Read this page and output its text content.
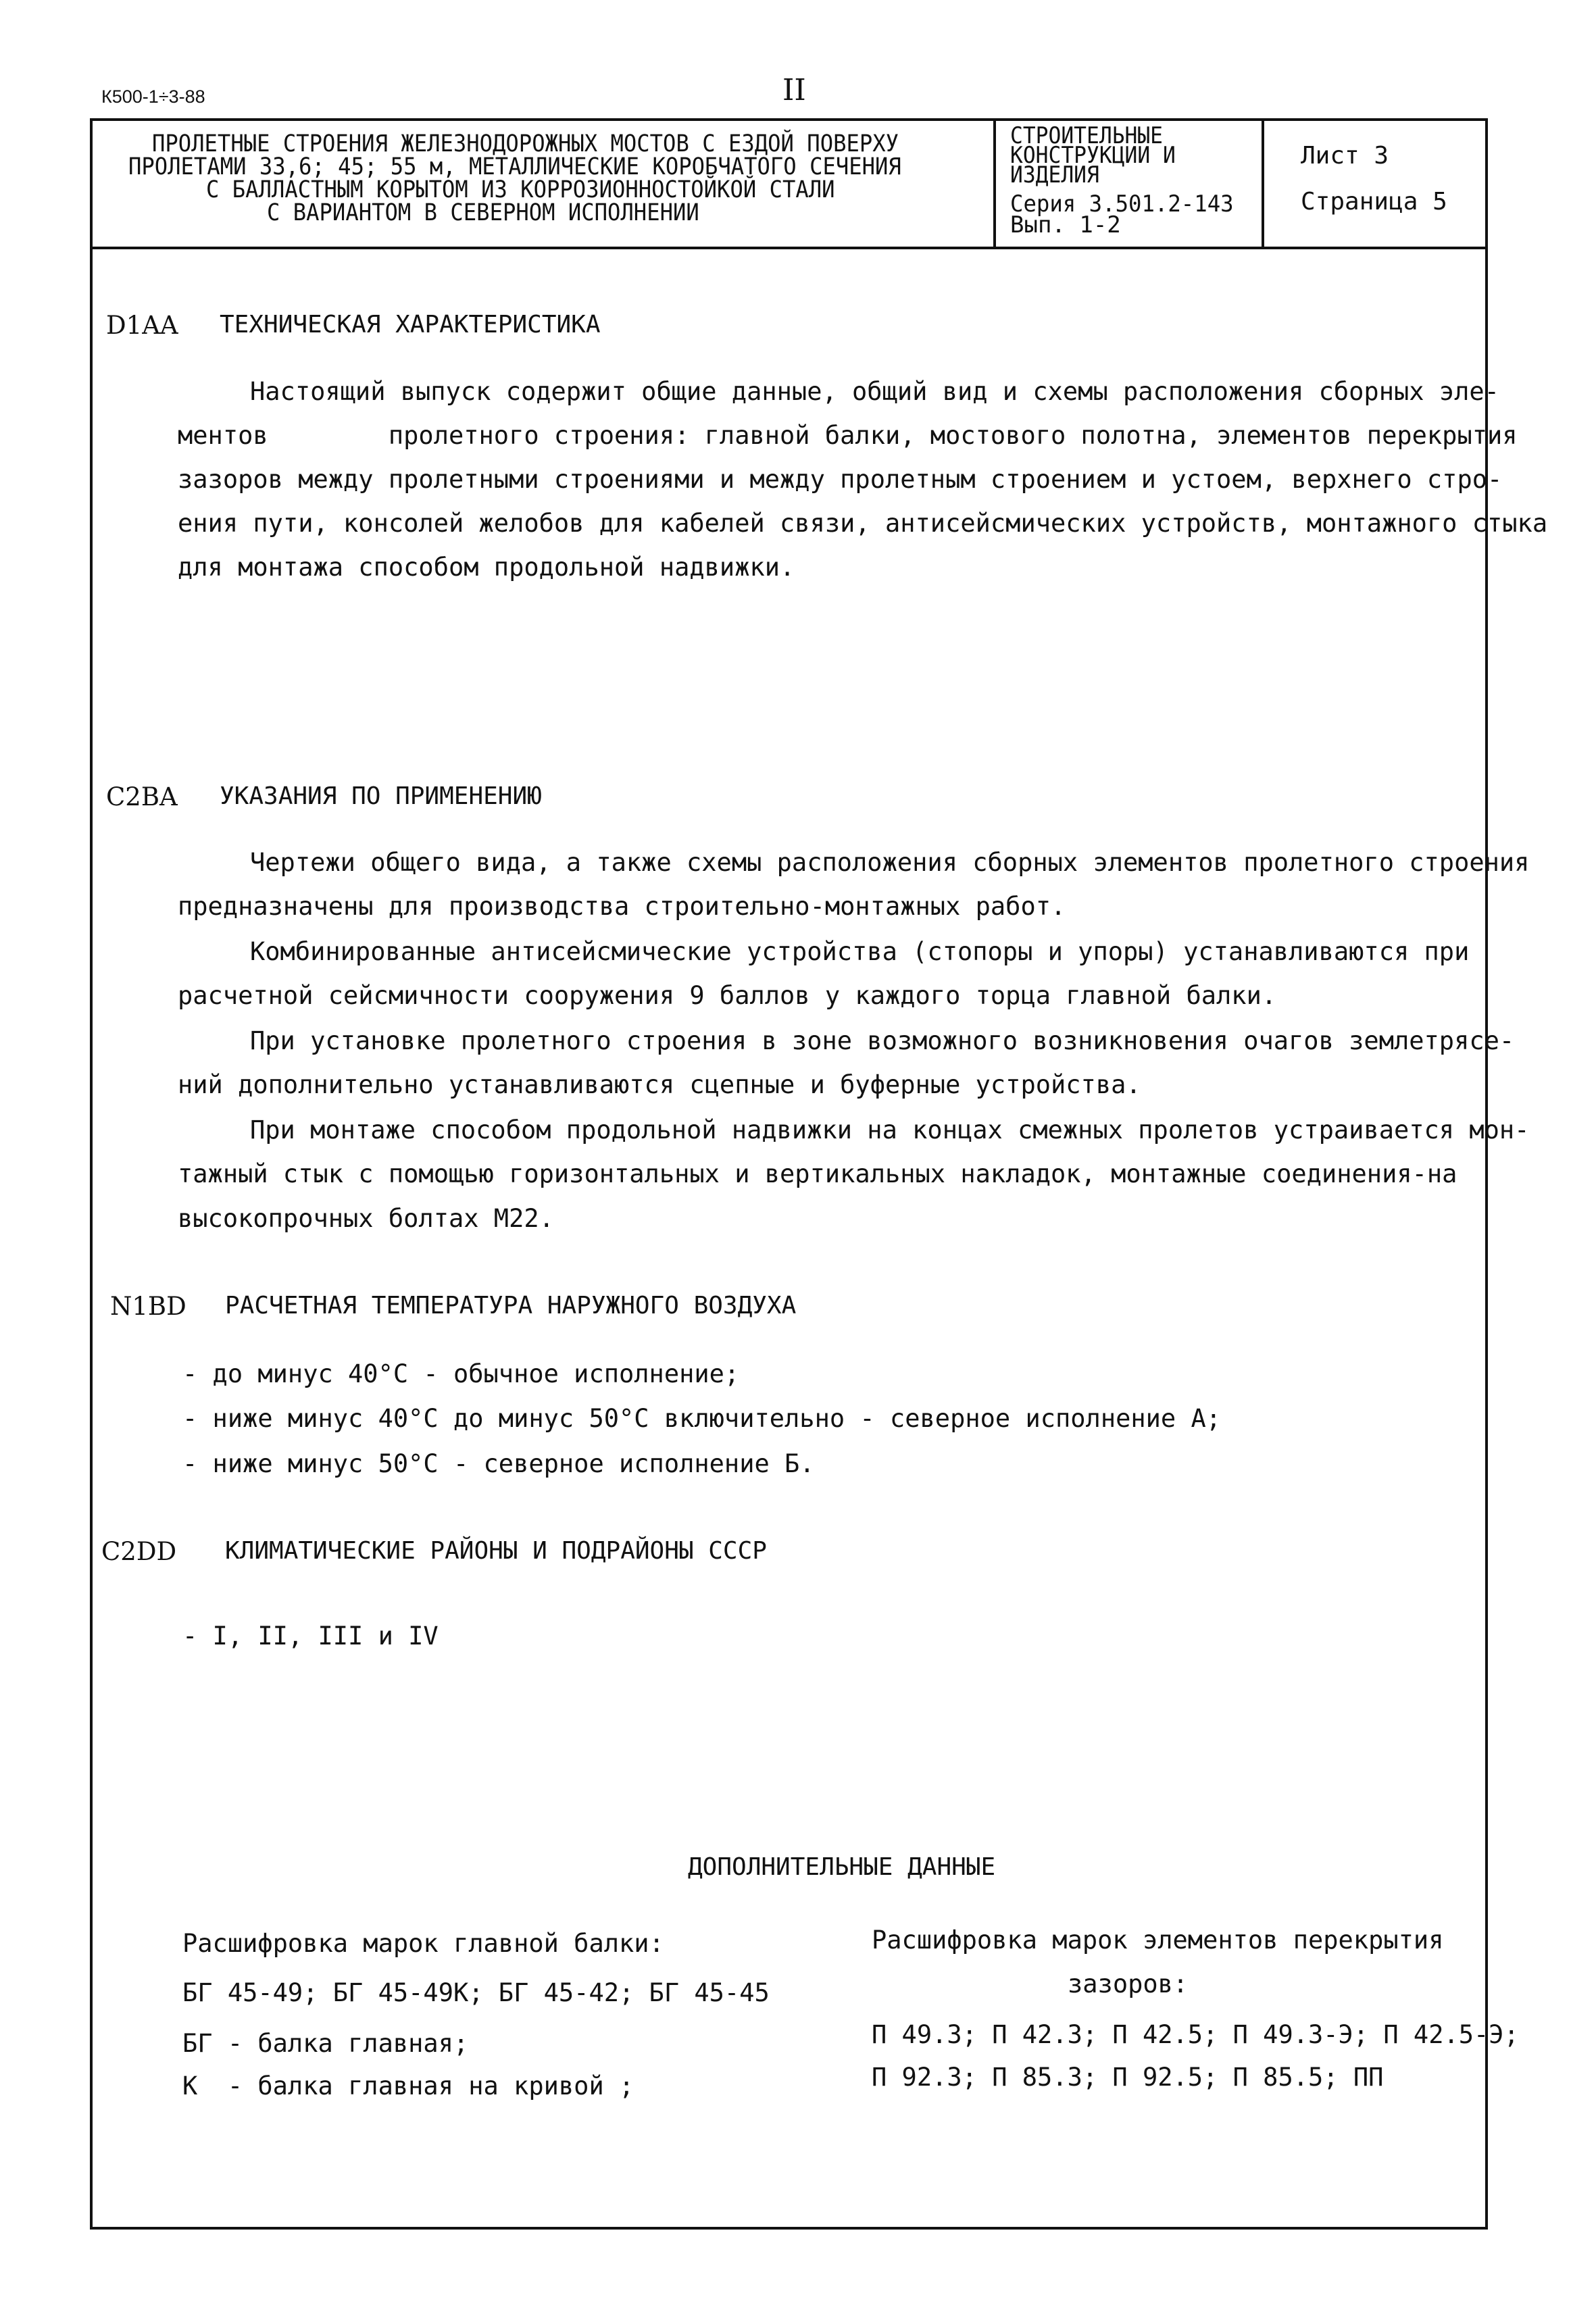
К500-1÷3-88	II
ПРОЛЕТНЫЕ СТРОЕНИЯ ЖЕЛЕЗНОДОРОЖНЫХ МОСТОВ С ЕЗДОЙ ПОВЕРХУ
ПРОЛЕТАМИ 33,6; 45; 55 м, МЕТАЛЛИЧЕСКИЕ КОРОБЧАТОГО СЕЧЕНИЯ
С БАЛЛАСТНЫМ КОРЫТОМ ИЗ КОРРОЗИОННОСТОЙКОЙ СТАЛИ
С ВАРИАНТОМ В СЕВЕРНОМ ИСПОЛНЕНИИ
СТРОИТЕЛЬНЫЕ
КОНСТРУКЦИИ И
ИЗДЕЛИЯ
Серия 3.501.2-143
Вып. 1-2
Лист 3
Страница 5
D1AA ТЕХНИЧЕСКАЯ ХАРАКТЕРИСТИКА
Настоящий выпуск содержит общие данные, общий вид и схемы расположения сборных эле-
ментов        пролетного строения: главной балки, мостового полотна, элементов перекрытия
зазоров между пролетными строениями и между пролетным строением и устоем, верхнего стро-
ения пути, консолей желобов для кабелей связи, антисейсмических устройств, монтажного стыка
для монтажа способом продольной надвижки.
C2BA УКАЗАНИЯ ПО ПРИМЕНЕНИЮ
Чертежи общего вида, а также схемы расположения сборных элементов пролетного строения
предназначены для производства строительно-монтажных работ.
Комбинированные антисейсмические устройства (стопоры и упоры) устанавливаются при
расчетной сейсмичности сооружения 9 баллов у каждого торца главной балки.
При установке пролетного строения в зоне возможного возникновения очагов землетрясе-
ний дополнительно устанавливаются сцепные и буферные устройства.
При монтаже способом продольной надвижки на концах смежных пролетов устраивается мон-
тажный стык с помощью горизонтальных и вертикальных накладок, монтажные соединения-на
высокопрочных болтах М22.
N1BD РАСЧЕТНАЯ ТЕМПЕРАТУРА НАРУЖНОГО ВОЗДУХА
- до минус 40°С - обычное исполнение;
- ниже минус 40°С до минус 50°С включительно - северное исполнение А;
- ниже минус 50°С - северное исполнение Б.
C2DD КЛИМАТИЧЕСКИЕ РАЙОНЫ И ПОДРАЙОНЫ СССР
- I, II, III и IV
ДОПОЛНИТЕЛЬНЫЕ ДАННЫЕ
Расшифровка марок главной балки:
БГ 45-49; БГ 45-49К; БГ 45-42; БГ 45-45
БГ - балка главная;
К  - балка главная на кривой ;
Расшифровка марок элементов перекрытия
зазоров:
П 49.3; П 42.3; П 42.5; П 49.3-Э; П 42.5-Э;
П 92.3; П 85.3; П 92.5; П 85.5; ПП
